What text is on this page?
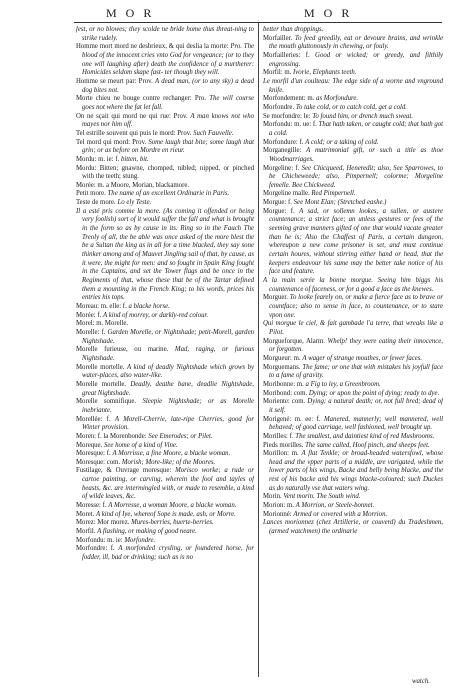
M O R	M O R

fest, or no blowes; they scolde ne bride home thus threat-ning to strike rudely.

Homme mort mord ne desbrieux, & qui deslia la morte: Pro. The blood of the innocent cries vnto God for vengeance; (or to they one will laughing after) death the confidence of a murtherer: Homicides seldom skape fast- ter though they will.

Homme se meurt par: Prov. A dead man, (or to any sky) a dead dog bites not.

Morte chieu ne bouge contre rechanger: Pro. The will course goes not where the fat let fall.

On ne sçait qui mord ne qui rue: Prov. A man knows not who mayes nor him off.

Tel estrille souvent qui puis le mord: Prov. Such Fauvelle.

Tel mord qui mord: Prov. Some laugh that bite; some laugh that grin; or as before on Mordre en rieur.

Mordu: m. ie: f. bitten, bit.

Mordu: Bitten; gnawne, chomped, nibled; nipped, or pinched with the teeth; stung.

Morée: m. a Moore, Morian, blackamore.

Petit more. The name of an excellent Ordinarie in Paris.

Teste de more. Lo ely Teste.

Il a esté pris comme la more. (As coming it offended or being very foolish) sort of it would suffer the fall and what is brought in the form so as by cause in its. Ring so in the Fauch The Treoly of all, the be able was once asked of the more blest the be a Sultan the king as in all for a time blacked, they say sone thinker among and of Mauvet Jingling sail of that, by cause, as it were, the might for men: and so fought in Spain King fought in the Captains, and set the Tower flags and be once in the Regiments of that, whose these that be of the Tartar defined them a mounting in the French King; to his words, prices his entries his tops.

Moreau: m. elle: f. a blacke horse.

Morée: f. A kind of morrey, or darkly-red colour.

Morel: m. Morelle.

Morelle: f. Garden Morelle, or Nightshade; petit-Morell, garden Nightshade.

Morelle furieuse, ou marine. Mad, raging, or furious Nightshade.

Morelle mortelle. A kind of deadly Nightshade which grows by water-places, also water-like.

Morelle mortelle. Deadly, deathe bane, deadlie Nightshade, great Nightshade.

Morelle somnifique. Sleepie Nightshade; or as Morelle inebriante.

Morellée: f. A Morell-Cherrie, late-ripe Cherries, good for Winter provision.

Moren: f. la Morenbonde: See Emerodes; or Pilet.

Moreque. See home of a kind of Vine.

Moresque: f. A Morrisse, a fine Moore, a blacke woman.

Moresque: com. Morish; More-like; of the Moores.

Fustilage, & Ouvrage moresque: Morisco worke; a rude or cartoe painting, or carving, wherein the fool and tayles of beasts, &c. are intermingled with, or made to resemble, a kind of wilde leaves, &c.

Moresse: f. A Morresse, a woman Moore, a blacke woman.

Moret. A kind of Iye, whereof Sope is made, ash, or Morre.

Morez: Mor morez. Mures-berries, buerte-berries.

Morfil. A flashing, or making of good neare.

Morfondu: m. ie: Morfondre.

Morfondre: f. A morfonded crysling, or foundered horse, for fodder, ill, bad or drinking; such as is no

better than droppings.

Morfailler. To feed greedily, eat or devoure brains, and wrinkle the mouth gluttonously in chewing, or fouly.

Morfailleries: f. Good or wicked; or greedy, and filthily engrossing.

Morfil: m. Ivorie, Elephants teeth.

Le morfil d'un coulteau: The edge side of a worne and vnground knife.

Morfondement: m. as Morfondure.

Morfondre. To take cold, or to catch cold, get a cold.

Se morfondre: le: To found him, or drench much sweat.

Morfondu: m. ue: f. That hath taken, or caught cold; that hath got a cold.

Morfondure: f. A cold; or a taking of cold.

Morganegille: A matrimonial gift, or such a title as thoe Woodmarriages.

Morgeline: f. See Chicqueed, Heneredit; also, See Sparrowes, to be Chicheweede; also, Pimpernell; colorme; Morgeline femelle. Bee Chickweed.

Morgeline malle. Red Pimpernell.

Morgue: f. See Mont Elan; (Stretched eashe.)

Morgue: f. A sad, or sollemn lookes, a sullen, or austere countenance; a strict face; an unless gestures or fees of the seeming grave manners gifted of one that would vacate greater than he is; Also the Chaffest of Paris, a certain dungeon, whereupon a new come prisoner is set, and must continue certain houres, without stirring either hand or head, that the keepers endeavour his same may the better take notice of his face and feature.

A la main serée la bonne morgue. Seeing him biggs his countenance of faceness, or for a good a face as the knewes.

Morguer. To looke fearely on, or make a fierce face as to brave or countface; also to sense in face, to countenance, or to stare vpon one.

Qui morgue le ciel, & fait gambade l'a terre, that wreaks like a Pilot.

Morgueforque, Alarm. Whelp! they were eating their innocence, or forgotten.

Morgueur: m. A wager of strange mouthes, or fewer faces.

Morguemans. The fame; or one that with mistakes his joyfull face to a fame of gravity.

Moribonne: m. a Fig to ley, a Greenbroom.

Moribond: com. Dying; or upon the point of dying; ready to dye.

Moriente: com. Dying; a natural death; or, not full bred; dead of it self.

Morigené: m. ee: f. Manered, mannerly; well mannered, well behaved; of good carriage, well fashioned, well brought up.

Morilles: f. The smallest, and daintiest kind of red Mushrooms.

Pieds morilles. The same called, Hoof pinch, and sheeps feet.

Morillon: m. A flat Tenkle; or broad-headed watersfowl, whose head and the vpper parts of a middle, are varigated, while the lower parts of his wings, Backe and belly being blacke, and the rest of his backe and his wings blacke-coloured; such Duckes as do naturally vse that waters wing.

Morin. Vent morin. The South wind.

Morion: m. A Morrion, or Steele-bonnet.

Morionné: Armed or covered with a Morrion.

Lances morionnez (chez Artillerie, or couverd) du Tradeshmen, (armed watchmen) the ordinarie

watch.
